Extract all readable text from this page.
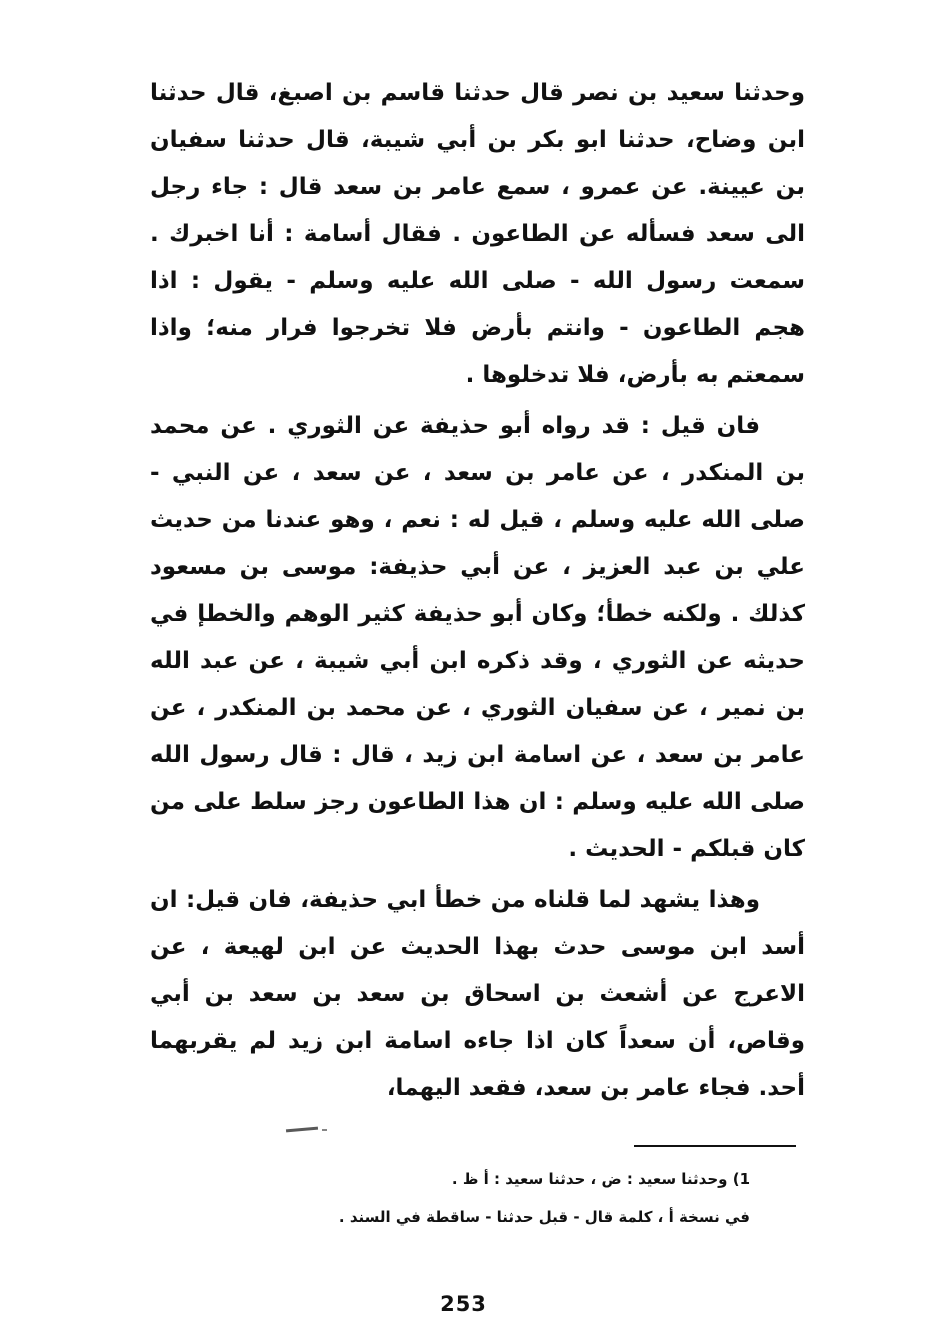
وحدثنا سعيد بن نصر قال حدثنا قاسم بن اصبغ، قال حدثنا ابن وضاح، حدثنا ابو بكر بن أبي شيبة، قال حدثنا سفيان بن عيينة. عن عمرو ، سمع عامر بن سعد قال : جاء رجل الى سعد فسأله عن الطاعون . فقال أسامة : أنا اخبرك . سمعت رسول الله - صلى الله عليه وسلم - يقول : اذا هجم الطاعون - وانتم بأرض فلا تخرجوا فرار منه؛ واذا سمعتم به بأرض، فلا تدخلوها .

فان قيل : قد رواه أبو حذيفة عن الثوري . عن محمد بن المنكدر ، عن عامر بن سعد ، عن سعد ، عن النبي - صلى الله عليه وسلم ، قيل له : نعم ، وهو عندنا من حديث علي بن عبد العزيز ، عن أبي حذيفة: موسى بن مسعود كذلك . ولكنه خطأ؛ وكان أبو حذيفة كثير الوهم والخطإ في حديثه عن الثوري ، وقد ذكره ابن أبي شيبة ، عن عبد الله بن نمير ، عن سفيان الثوري ، عن محمد بن المنكدر ، عن عامر بن سعد ، عن اسامة ابن زيد ، قال : قال رسول الله صلى الله عليه وسلم : ان هذا الطاعون رجز سلط على من كان قبلكم - الحديث .

وهذا يشهد لما قلناه من خطأ ابي حذيفة، فان قيل: ان أسد ابن موسى حدث بهذا الحديث عن ابن لهيعة ، عن الاعرج عن أشعث بن اسحاق بن سعد بن سعد بن أبي وقاص، أن سعداً كان اذا جاءه اسامة ابن زيد لم يقربهما أحد. فجاء عامر بن سعد، فقعد اليهما،

1) وحدثنا سعيد : ض ، حدثنا سعيد : أ ظ .

في نسخة أ ، كلمة قال - قبل حدثنا - ساقطة في السند .

253
